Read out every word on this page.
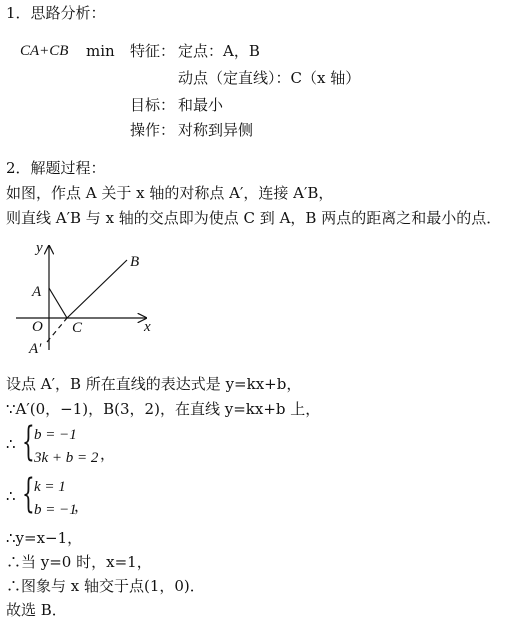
1．思路分析：
CA+CB min 特征： 定点：A，B
动点（定直线）：C（x 轴）
目标： 和最小
操作： 对称到异侧
2．解题过程：
如图，作点 A 关于 x 轴的对称点 A′，连接 A′B，
则直线 A′B 与 x 轴的交点即为使点 C 到 A，B 两点的距离之和最小的点．
y
x
O
A
B
C
A′
设点 A′，B 所在直线的表达式是 y=kx+b，
∵A′(0，−1)，B(3，2)，在直线 y=kx+b 上，
∴ { b = −1
3k + b = 2 ，
∴ { k = 1
b = −1
，
∴y=x−1，
∴当 y=0 时，x=1，
∴图象与 x 轴交于点(1，0)．
故选 B．
